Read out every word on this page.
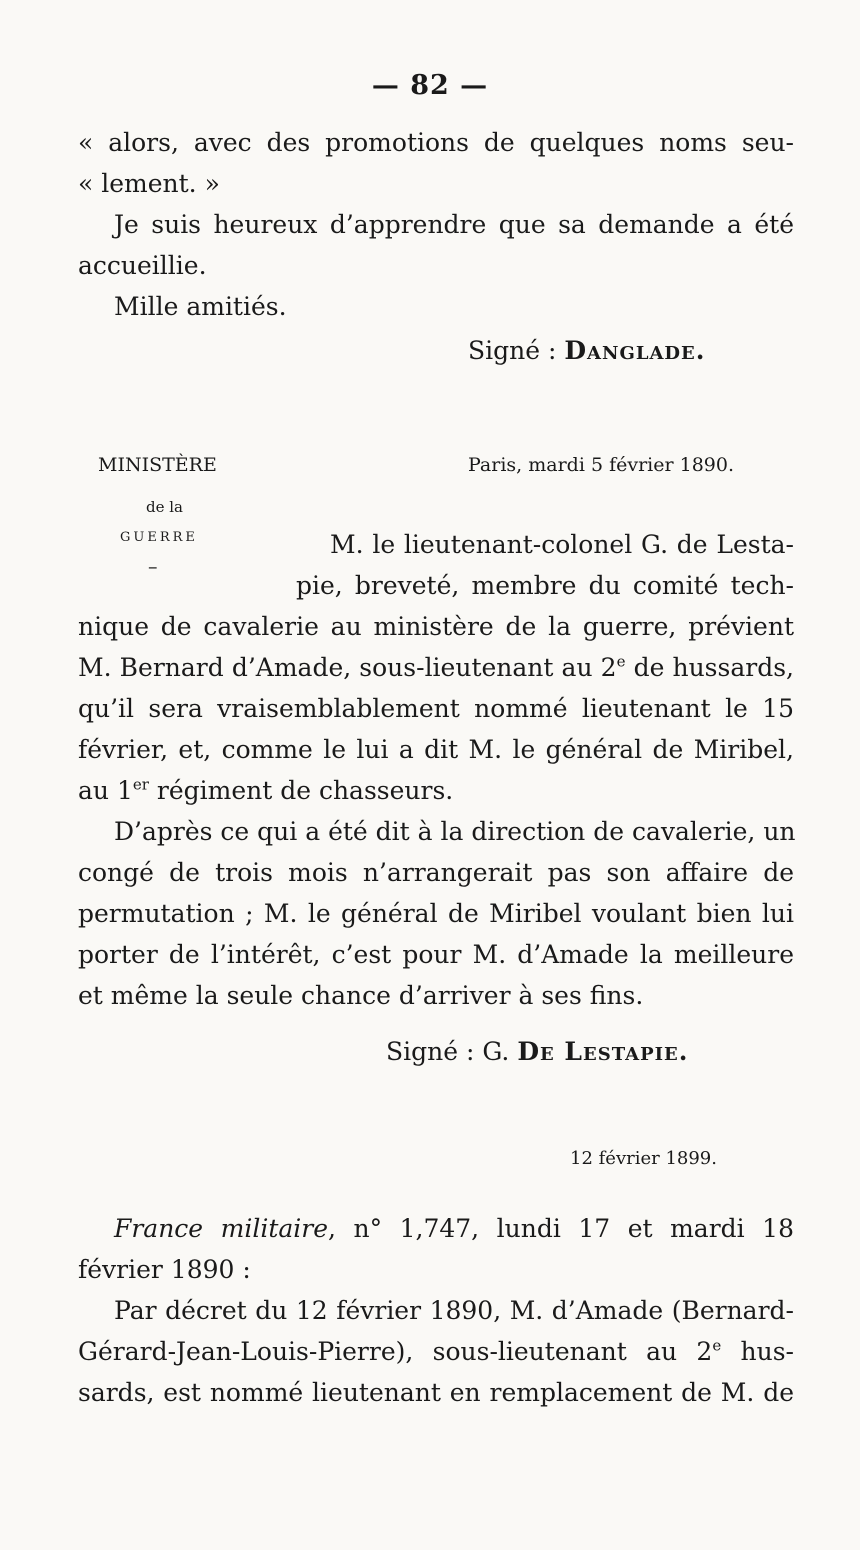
— 82 —
« alors, avec des promotions de quelques noms seu-
« lement. »
Je suis heureux d’apprendre que sa demande a été
accueillie.
Mille amitiés.
Signé : Danglade.
MINISTÈRE
de la
GUERRE
–
Paris, mardi 5 février 1890.
M. le lieutenant-colonel G. de Lesta-
pie, breveté, membre du comité tech-
nique de cavalerie au ministère de la guerre, prévient
M. Bernard d’Amade, sous-lieutenant au 2e de hussards,
qu’il sera vraisemblablement nommé lieutenant le 15
février, et, comme le lui a dit M. le général de Miribel,
au 1er régiment de chasseurs.
D’après ce qui a été dit à la direction de cavalerie, un
congé de trois mois n’arrangerait pas son affaire de
permutation ; M. le général de Miribel voulant bien lui
porter de l’intérêt, c’est pour M. d’Amade la meilleure
et même la seule chance d’arriver à ses fins.
Signé : G. De Lestapie.
12 février 1899.
France militaire, n° 1,747, lundi 17 et mardi 18
février 1890 :
Par décret du 12 février 1890, M. d’Amade (Bernard-
Gérard-Jean-Louis-Pierre), sous-lieutenant au 2e hus-
sards, est nommé lieutenant en remplacement de M. de
